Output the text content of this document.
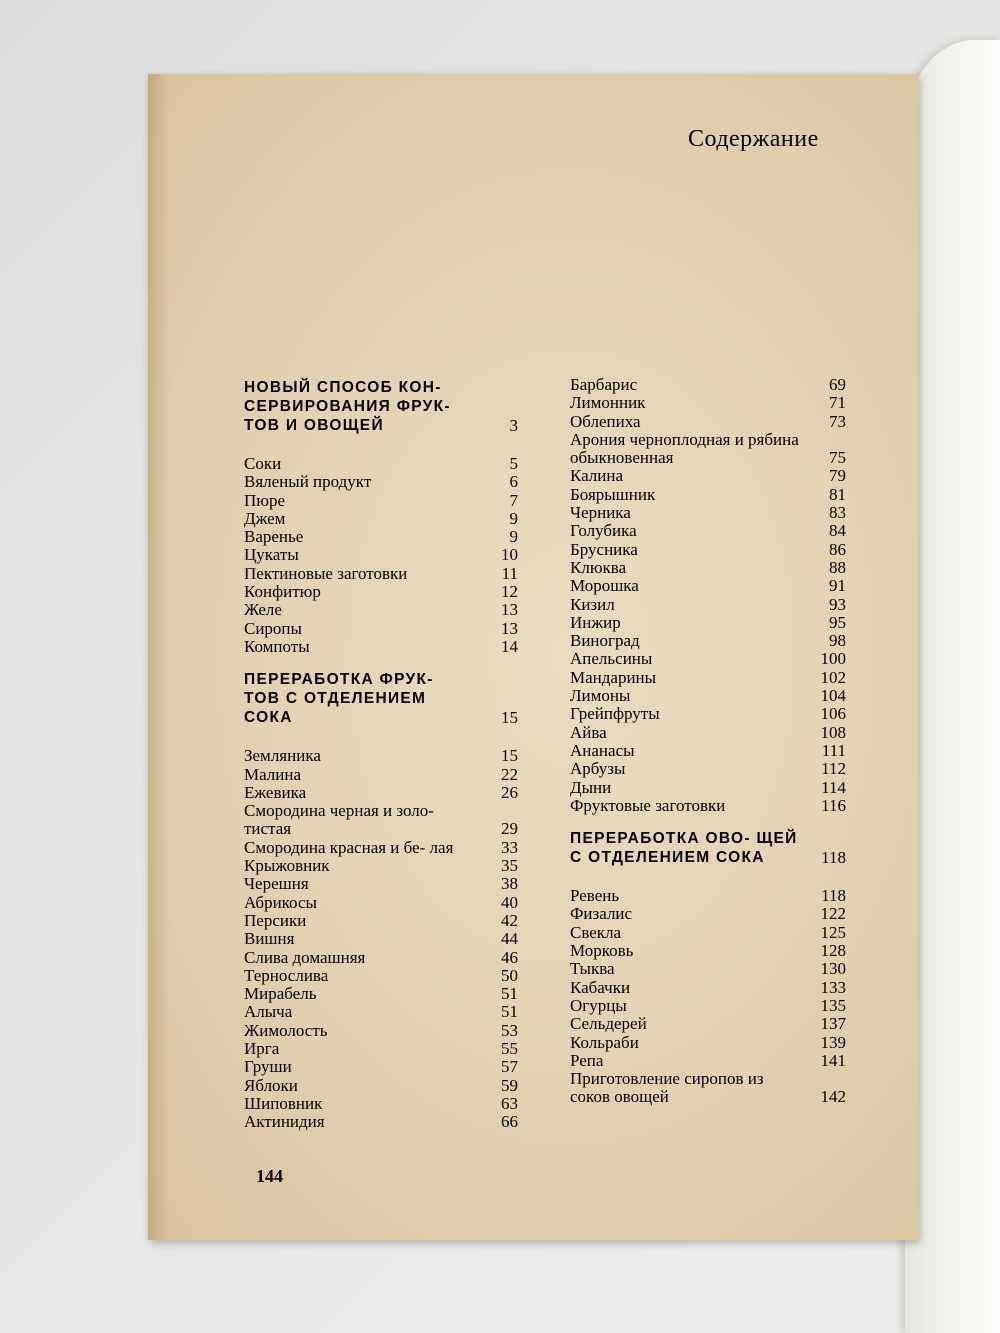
Содержание
НОВЫЙ СПОСОБ КОН- СЕРВИРОВАНИЯ ФРУК- ТОВ И ОВОЩЕЙ	3
Соки	5
Вяленый продукт	6
Пюре	7
Джем	9
Варенье	9
Цукаты	10
Пектиновые заготовки	11
Конфитюр	12
Желе	13
Сиропы	13
Компоты	14
ПЕРЕРАБОТКА ФРУК- ТОВ С ОТДЕЛЕНИЕМ СОКА	15
Земляника	15
Малина	22
Ежевика	26
Смородина черная и золо- тистая	29
Смородина красная и бе- лая	33
Крыжовник	35
Черешня	38
Абрикосы	40
Персики	42
Вишня	44
Слива домашняя	46
Тернослива	50
Мирабель	51
Алыча	51
Жимолость	53
Ирга	55
Груши	57
Яблоки	59
Шиповник	63
Актинидия	66
Барбарис	69
Лимонник	71
Облепиха	73
Арония черноплодная и рябина обыкновенная	75
Калина	79
Боярышник	81
Черника	83
Голубика	84
Брусника	86
Клюква	88
Морошка	91
Кизил	93
Инжир	95
Виноград	98
Апельсины	100
Мандарины	102
Лимоны	104
Грейпфруты	106
Айва	108
Ананасы	111
Арбузы	112
Дыни	114
Фруктовые заготовки	116
ПЕРЕРАБОТКА ОВО- ЩЕЙ С ОТДЕЛЕНИЕМ СОКА	118
Ревень	118
Физалис	122
Свекла	125
Морковь	128
Тыква	130
Кабачки	133
Огурцы	135
Сельдерей	137
Кольраби	139
Репа	141
Приготовление сиропов из соков овощей	142
144
